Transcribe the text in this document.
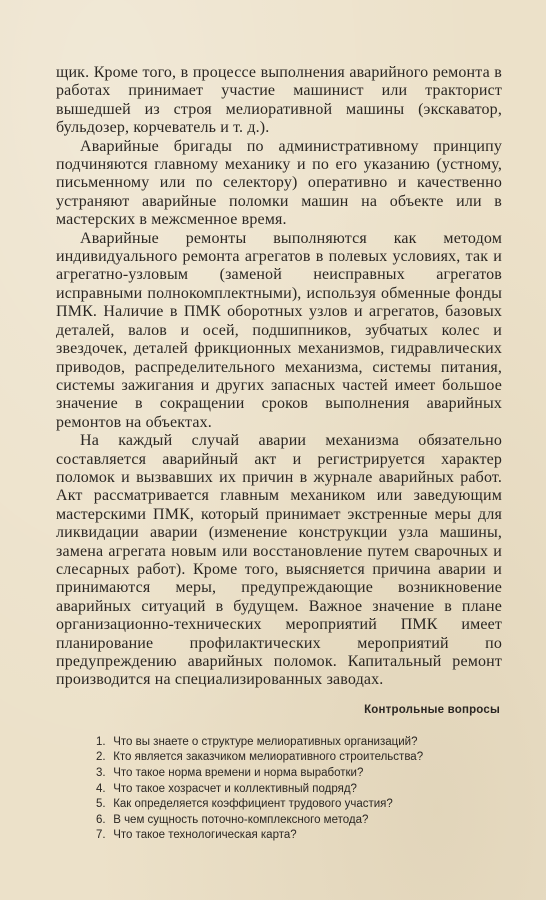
щик. Кроме того, в процессе выполнения аварийного ремонта в работах принимает участие машинист или тракторист вышедшей из строя мелиоративной машины (экскаватор, бульдозер, корчеватель и т. д.).

Аварийные бригады по административному принципу подчиняются главному механику и по его указанию (устному, письменному или по селектору) оперативно и качественно устраняют аварийные поломки машин на объекте или в мастерских в межсменное время.

Аварийные ремонты выполняются как методом индивидуального ремонта агрегатов в полевых условиях, так и агрегатно-узловым (заменой неисправных агрегатов исправными полнокомплектными), используя обменные фонды ПМК. Наличие в ПМК оборотных узлов и агрегатов, базовых деталей, валов и осей, подшипников, зубчатых колес и звездочек, деталей фрикционных механизмов, гидравлических приводов, распределительного механизма, системы питания, системы зажигания и других запасных частей имеет большое значение в сокращении сроков выполнения аварийных ремонтов на объектах.

На каждый случай аварии механизма обязательно составляется аварийный акт и регистрируется характер поломок и вызвавших их причин в журнале аварийных работ. Акт рассматривается главным механиком или заведующим мастерскими ПМК, который принимает экстренные меры для ликвидации аварии (изменение конструкции узла машины, замена агрегата новым или восстановление путем сварочных и слесарных работ). Кроме того, выясняется причина аварии и принимаются меры, предупреждающие возникновение аварийных ситуаций в будущем. Важное значение в плане организационно-технических мероприятий ПМК имеет планирование профилактических мероприятий по предупреждению аварийных поломок. Капитальный ремонт производится на специализированных заводах.

Контрольные вопросы
1. Что вы знаете о структуре мелиоративных организаций?
2. Кто является заказчиком мелиоративного строительства?
3. Что такое норма времени и норма выработки?
4. Что такое хозрасчет и коллективный подряд?
5. Как определяется коэффициент трудового участия?
6. В чем сущность поточно-комплексного метода?
7. Что такое технологическая карта?
